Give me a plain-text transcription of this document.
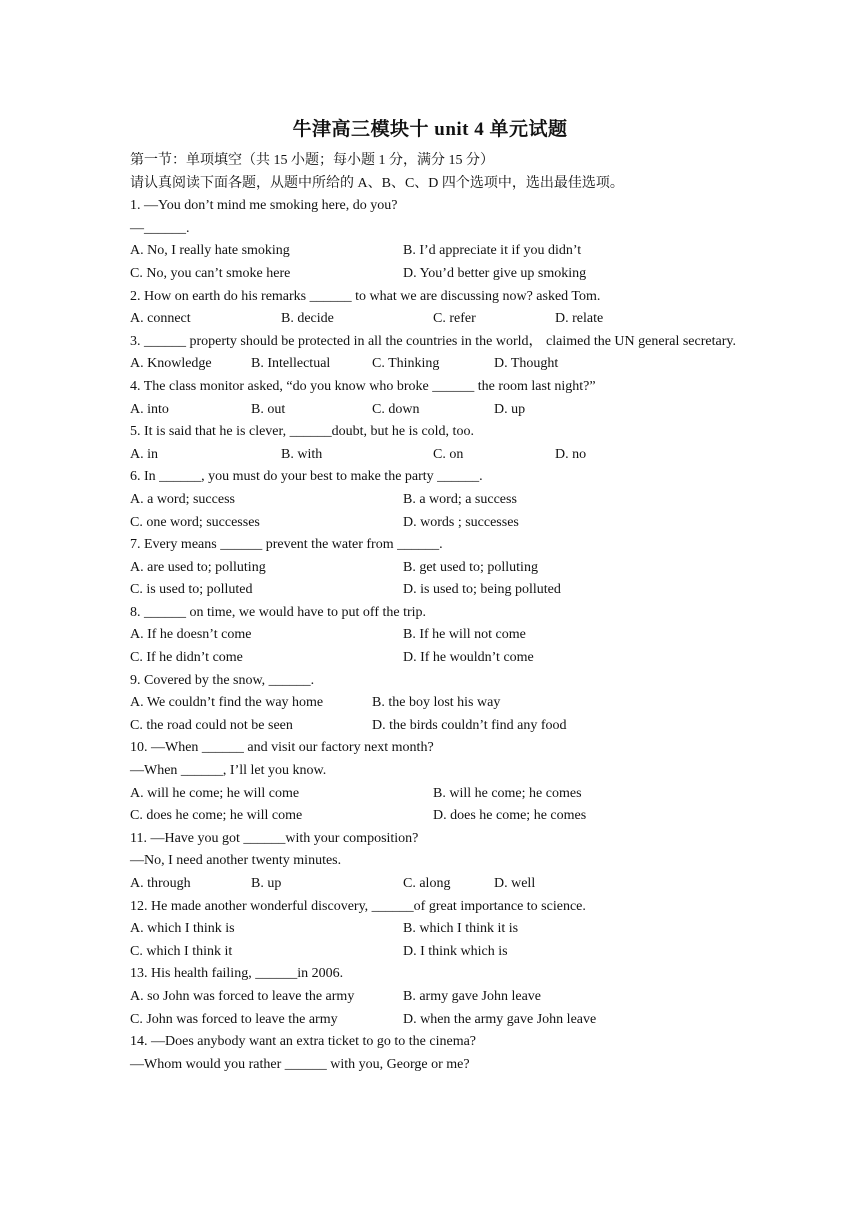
牛津高三模块十 unit 4 单元试题
第一节：单项填空（共 15 小题；每小题 1 分，满分 15 分）
请认真阅读下面各题，从题中所给的 A、B、C、D 四个选项中，选出最佳选项。
1. —You don’t mind me smoking here, do you?
—______.
A. No, I really hate smoking	B. I’d appreciate it if you didn’t
C. No, you can’t smoke here	D. You’d better give up smoking
2. How on earth do his remarks ______ to what we are discussing now? asked Tom.
A. connect	B. decide	C. refer	D. relate
3. ______ property should be protected in all the countries in the world， claimed the UN general secretary.
A. Knowledge	B. Intellectual	C. Thinking	D. Thought
4. The class monitor asked, “do you know who broke ______ the room last night?”
A. into	B. out	C. down	D. up
5. It is said that he is clever, ______doubt, but he is cold, too.
A. in	B. with	C. on	D. no
6. In ______, you must do your best to make the party ______.
A. a word; success	B. a word; a success
C. one word; successes	D. words ; successes
7. Every means ______ prevent the water from ______.
A. are used to; polluting	B. get used to; polluting
C. is used to; polluted	D. is used to; being polluted
8. ______ on time, we would have to put off the trip.
A. If he doesn’t come	B. If he will not come
C. If he didn’t come	D. If he wouldn’t come
9. Covered by the snow, ______.
A. We couldn’t find the way home	B. the boy lost his way
C. the road could not be seen	D. the birds couldn’t find any food
10. —When ______ and visit our factory next month?
—When ______, I’ll let you know.
A. will he come; he will come	B. will he come; he comes
C. does he come; he will come	D. does he come; he comes
11. —Have you got ______with your composition?
—No, I need another twenty minutes.
A. through	B. up	C. along	D. well
12. He made another wonderful discovery, ______of great importance to science.
A. which I think is	B. which I think it is
C. which I think it	D. I think which is
13. His health failing, ______in 2006.
A. so John was forced to leave the army	B. army gave John leave
C. John was forced to leave the army	D. when the army gave John leave
14. —Does anybody want an extra ticket to go to the cinema?
—Whom would you rather ______ with you, George or me?
